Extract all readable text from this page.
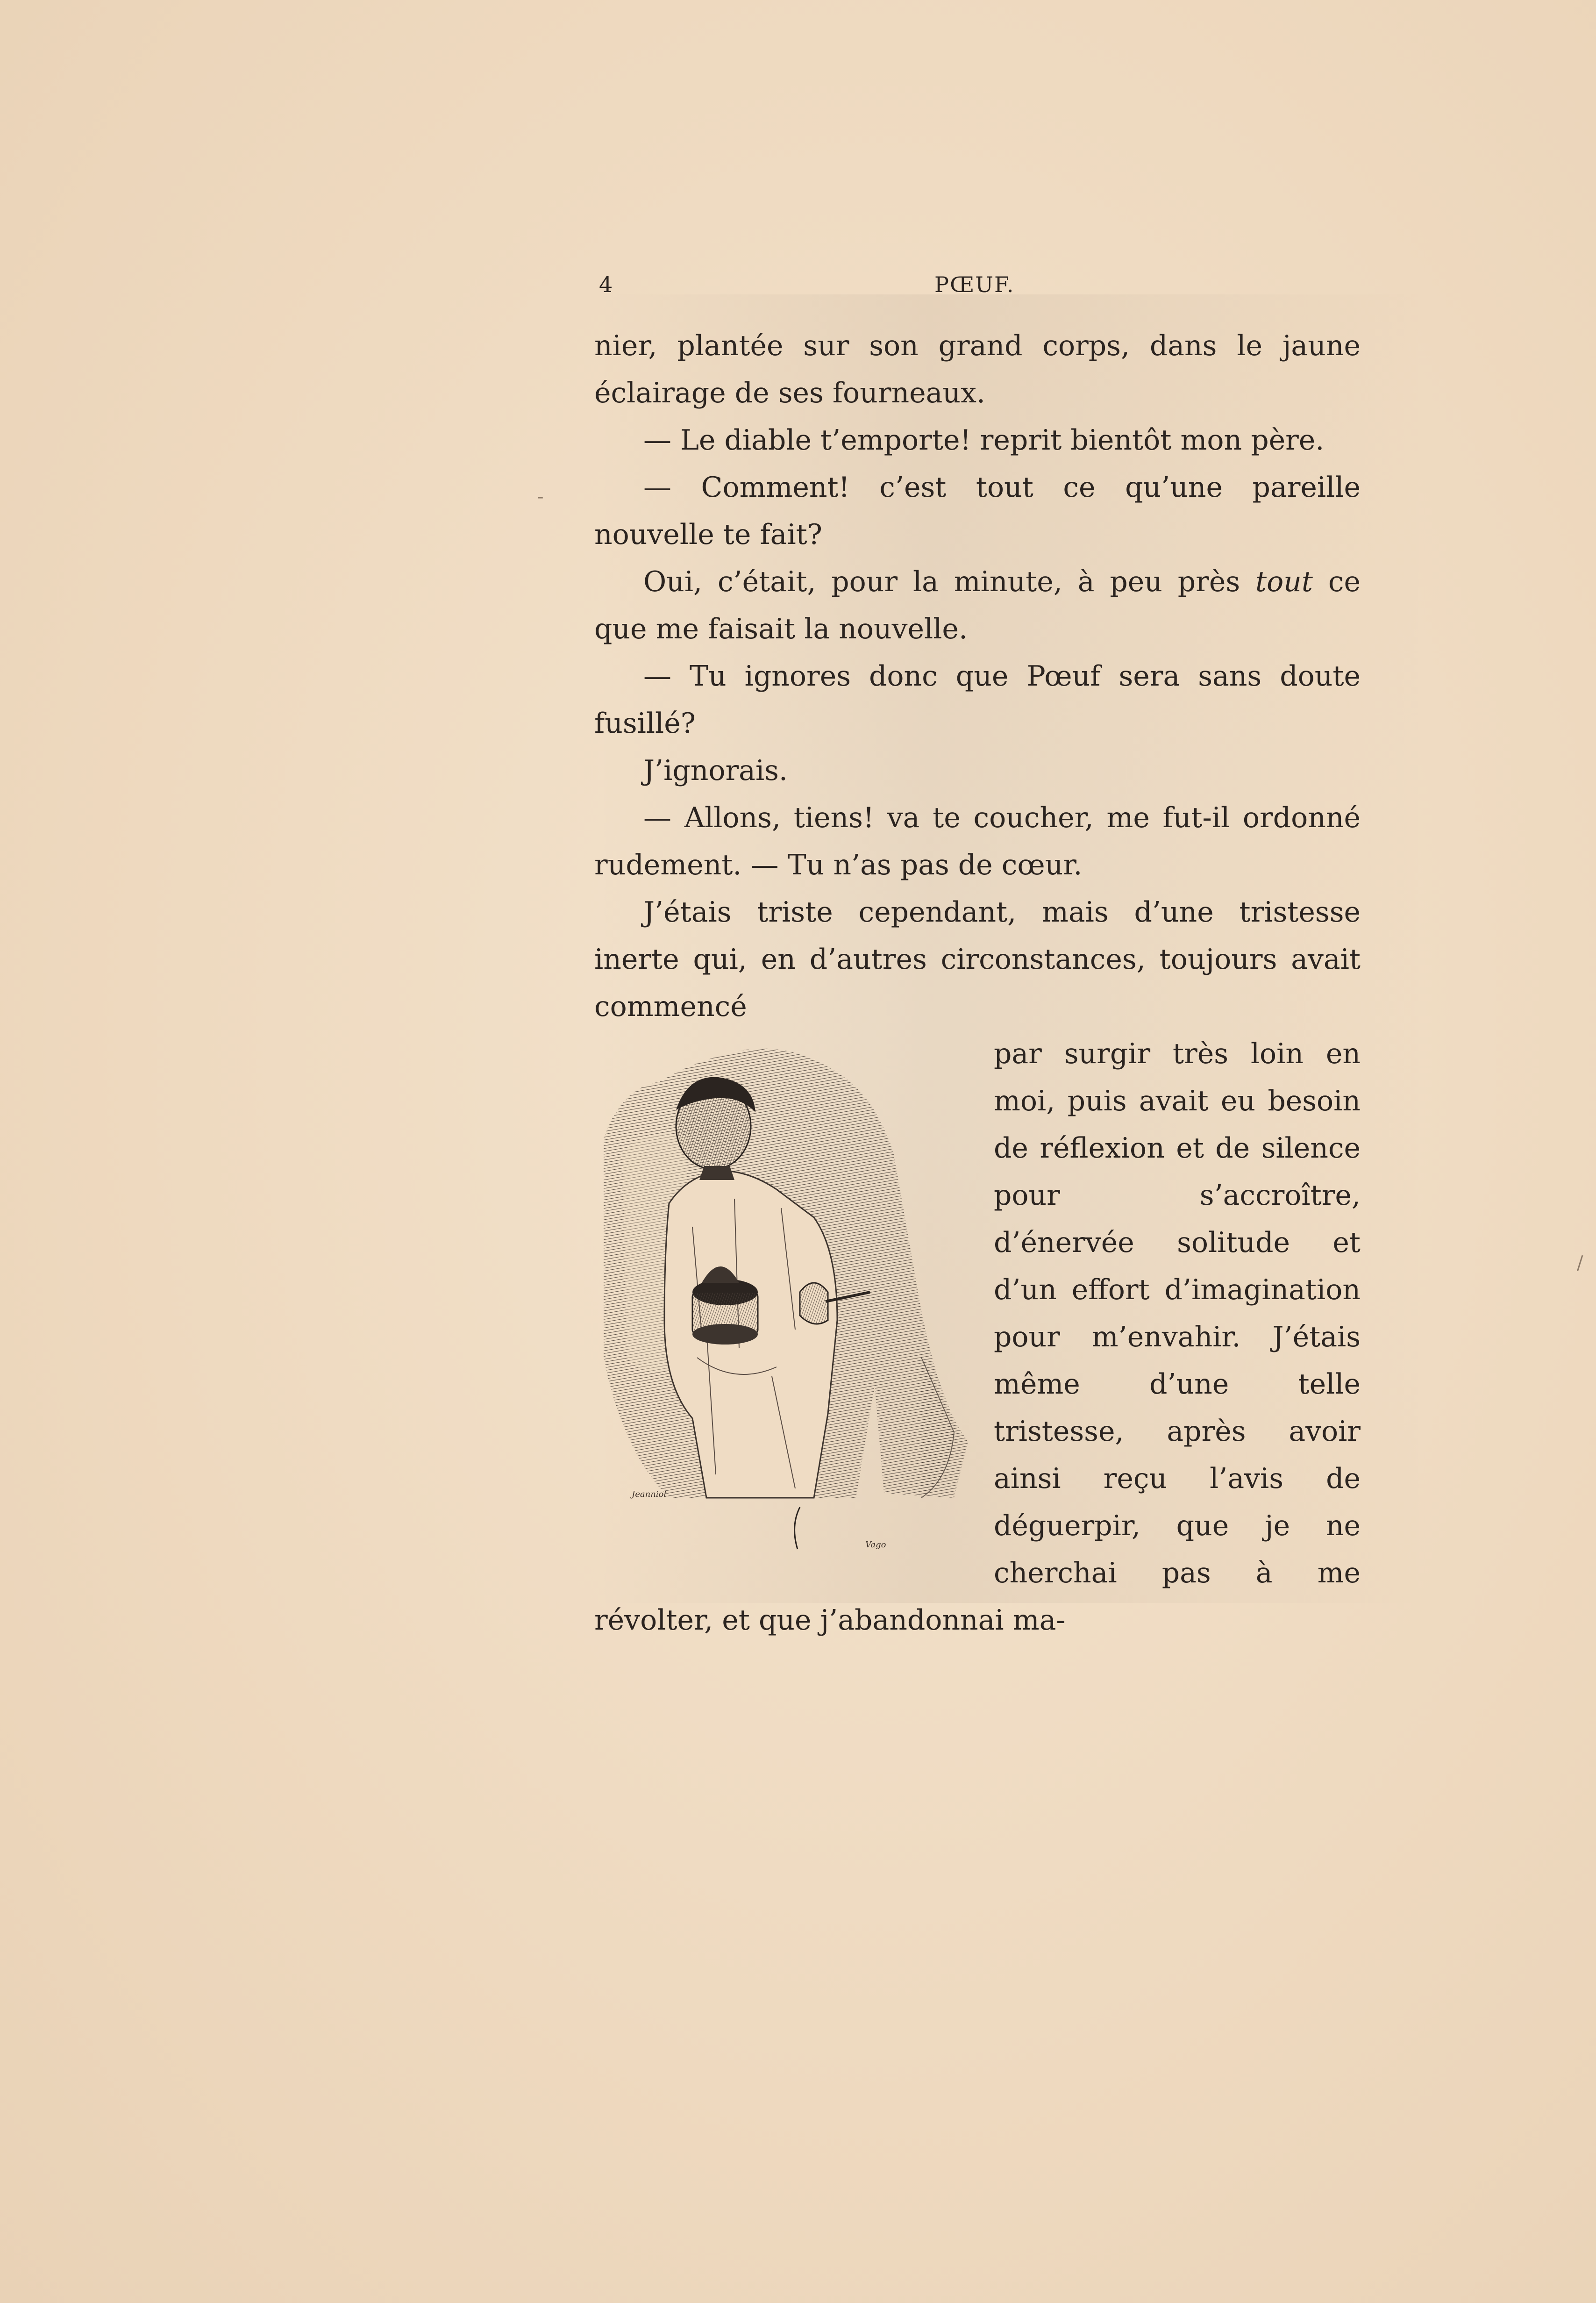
-
/
4	PŒUF.

nier, plantée sur son grand corps, dans le jaune éclairage de ses fourneaux.

— Le diable t’emporte! reprit bientôt mon père.

— Comment! c’est tout ce qu’une pareille nouvelle te fait?

Oui, c’était, pour la minute, à peu près tout ce que me faisait la nouvelle.

— Tu ignores donc que Pœuf sera sans doute fusillé?

J’ignorais.

— Allons, tiens! va te coucher, me fut-il ordonné rudement. — Tu n’as pas de cœur.

J’étais triste cependant, mais d’une tristesse inerte qui, en d’autres circonstances, toujours avait commencé

Jeanniot
Vago

par surgir très loin en moi, puis avait eu besoin de réflexion et de silence pour s’accroître, d’énervée solitude et d’un effort d’imagination pour m’envahir. J’étais même d’une telle tristesse, après avoir ainsi reçu l’avis de déguerpir, que je ne cherchai pas à me révolter, et que j’abandonnai ma-
